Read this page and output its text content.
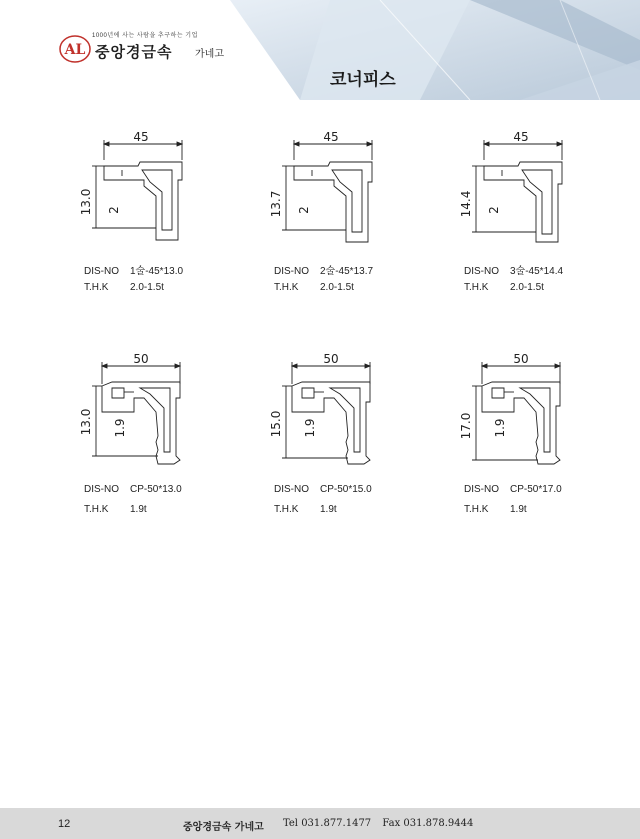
AL
1000년에 사는 사람을 추구하는 기업
중앙경금속 가네고
코너피스
45
13.0 2
DIS-NO 1술-45*13.0
T.H.K 2.0-1.5t
45
13.7 2
DIS-NO 2술-45*13.7
T.H.K 2.0-1.5t
45
14.4 2
DIS-NO 3술-45*14.4
T.H.K 2.0-1.5t
50
13.0 1.9
DIS-NO CP-50*13.0
T.H.K 1.9t
50
15.0 1.9
DIS-NO CP-50*15.0
T.H.K 1.9t
50
17.0 1.9
DIS-NO CP-50*17.0
T.H.K 1.9t
12	중앙경금속 가네고 Tel 031.877.1477 Fax 031.878.9444
